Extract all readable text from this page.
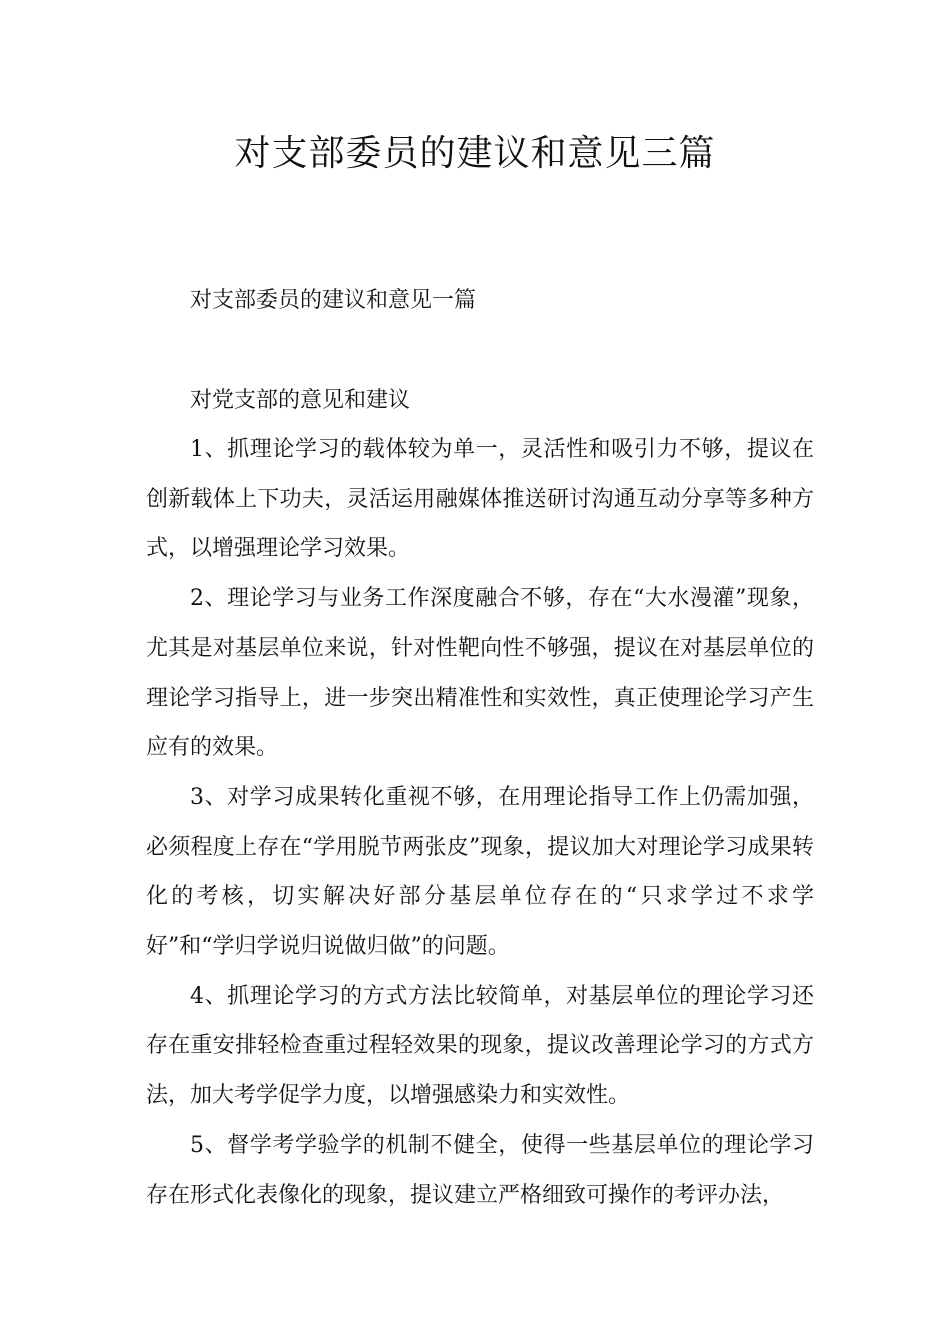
对支部委员的建议和意见三篇

对支部委员的建议和意见一篇

对党支部的意见和建议

1、抓理论学习的载体较为单一，灵活性和吸引力不够，提议在创新载体上下功夫，灵活运用融媒体推送研讨沟通互动分享等多种方式，以增强理论学习效果。

2、理论学习与业务工作深度融合不够，存在“大水漫灌”现象，尤其是对基层单位来说，针对性靶向性不够强，提议在对基层单位的理论学习指导上，进一步突出精准性和实效性，真正使理论学习产生应有的效果。

3、对学习成果转化重视不够，在用理论指导工作上仍需加强，必须程度上存在“学用脱节两张皮”现象，提议加大对理论学习成果转化的考核，切实解决好部分基层单位存在的“只求学过不求学好”和“学归学说归说做归做”的问题。

4、抓理论学习的方式方法比较简单，对基层单位的理论学习还存在重安排轻检查重过程轻效果的现象，提议改善理论学习的方式方法，加大考学促学力度，以增强感染力和实效性。

5、督学考学验学的机制不健全，使得一些基层单位的理论学习存在形式化表像化的现象，提议建立严格细致可操作的考评办法，
